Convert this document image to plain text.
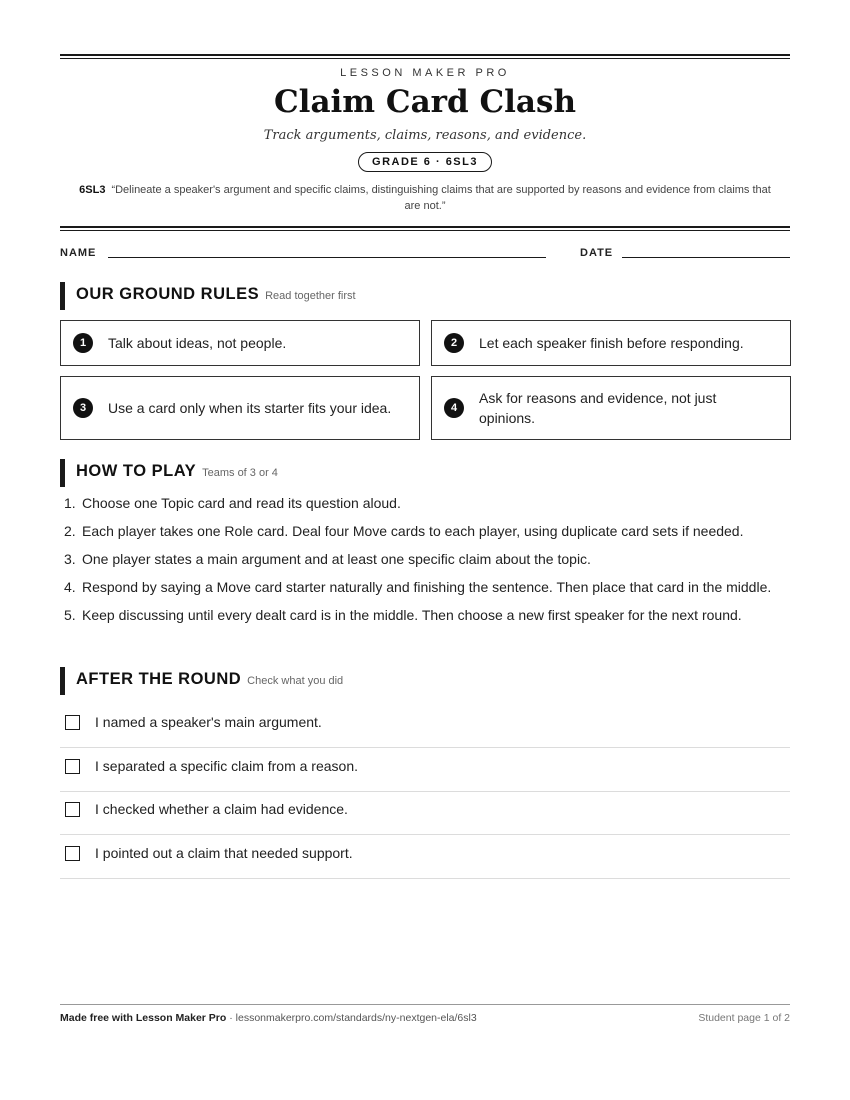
LESSON MAKER PRO
Claim Card Clash
Track arguments, claims, reasons, and evidence.
GRADE 6 · 6SL3
6SL3 “Delineate a speaker's argument and specific claims, distinguishing claims that are supported by reasons and evidence from claims that are not.”
NAME	DATE
OUR GROUND RULES Read together first
1	Talk about ideas, not people.	2	Let each speaker finish before responding.
3	Use a card only when its starter fits your idea.	4
Ask for reasons and evidence, not just opinions.
HOW TO PLAY Teams of 3 or 4
1. Choose one Topic card and read its question aloud.
2. Each player takes one Role card. Deal four Move cards to each player, using duplicate card sets if needed.
3. One player states a main argument and at least one specific claim about the topic.
4. Respond by saying a Move card starter naturally and finishing the sentence. Then place that card in the middle.
5. Keep discussing until every dealt card is in the middle. Then choose a new first speaker for the next round.
AFTER THE ROUND Check what you did
I named a speaker's main argument.
I separated a specific claim from a reason.
I checked whether a claim had evidence.
I pointed out a claim that needed support.
Made free with Lesson Maker Pro · lessonmakerpro.com/standards/ny-nextgen-ela/6sl3	Student page 1 of 2
